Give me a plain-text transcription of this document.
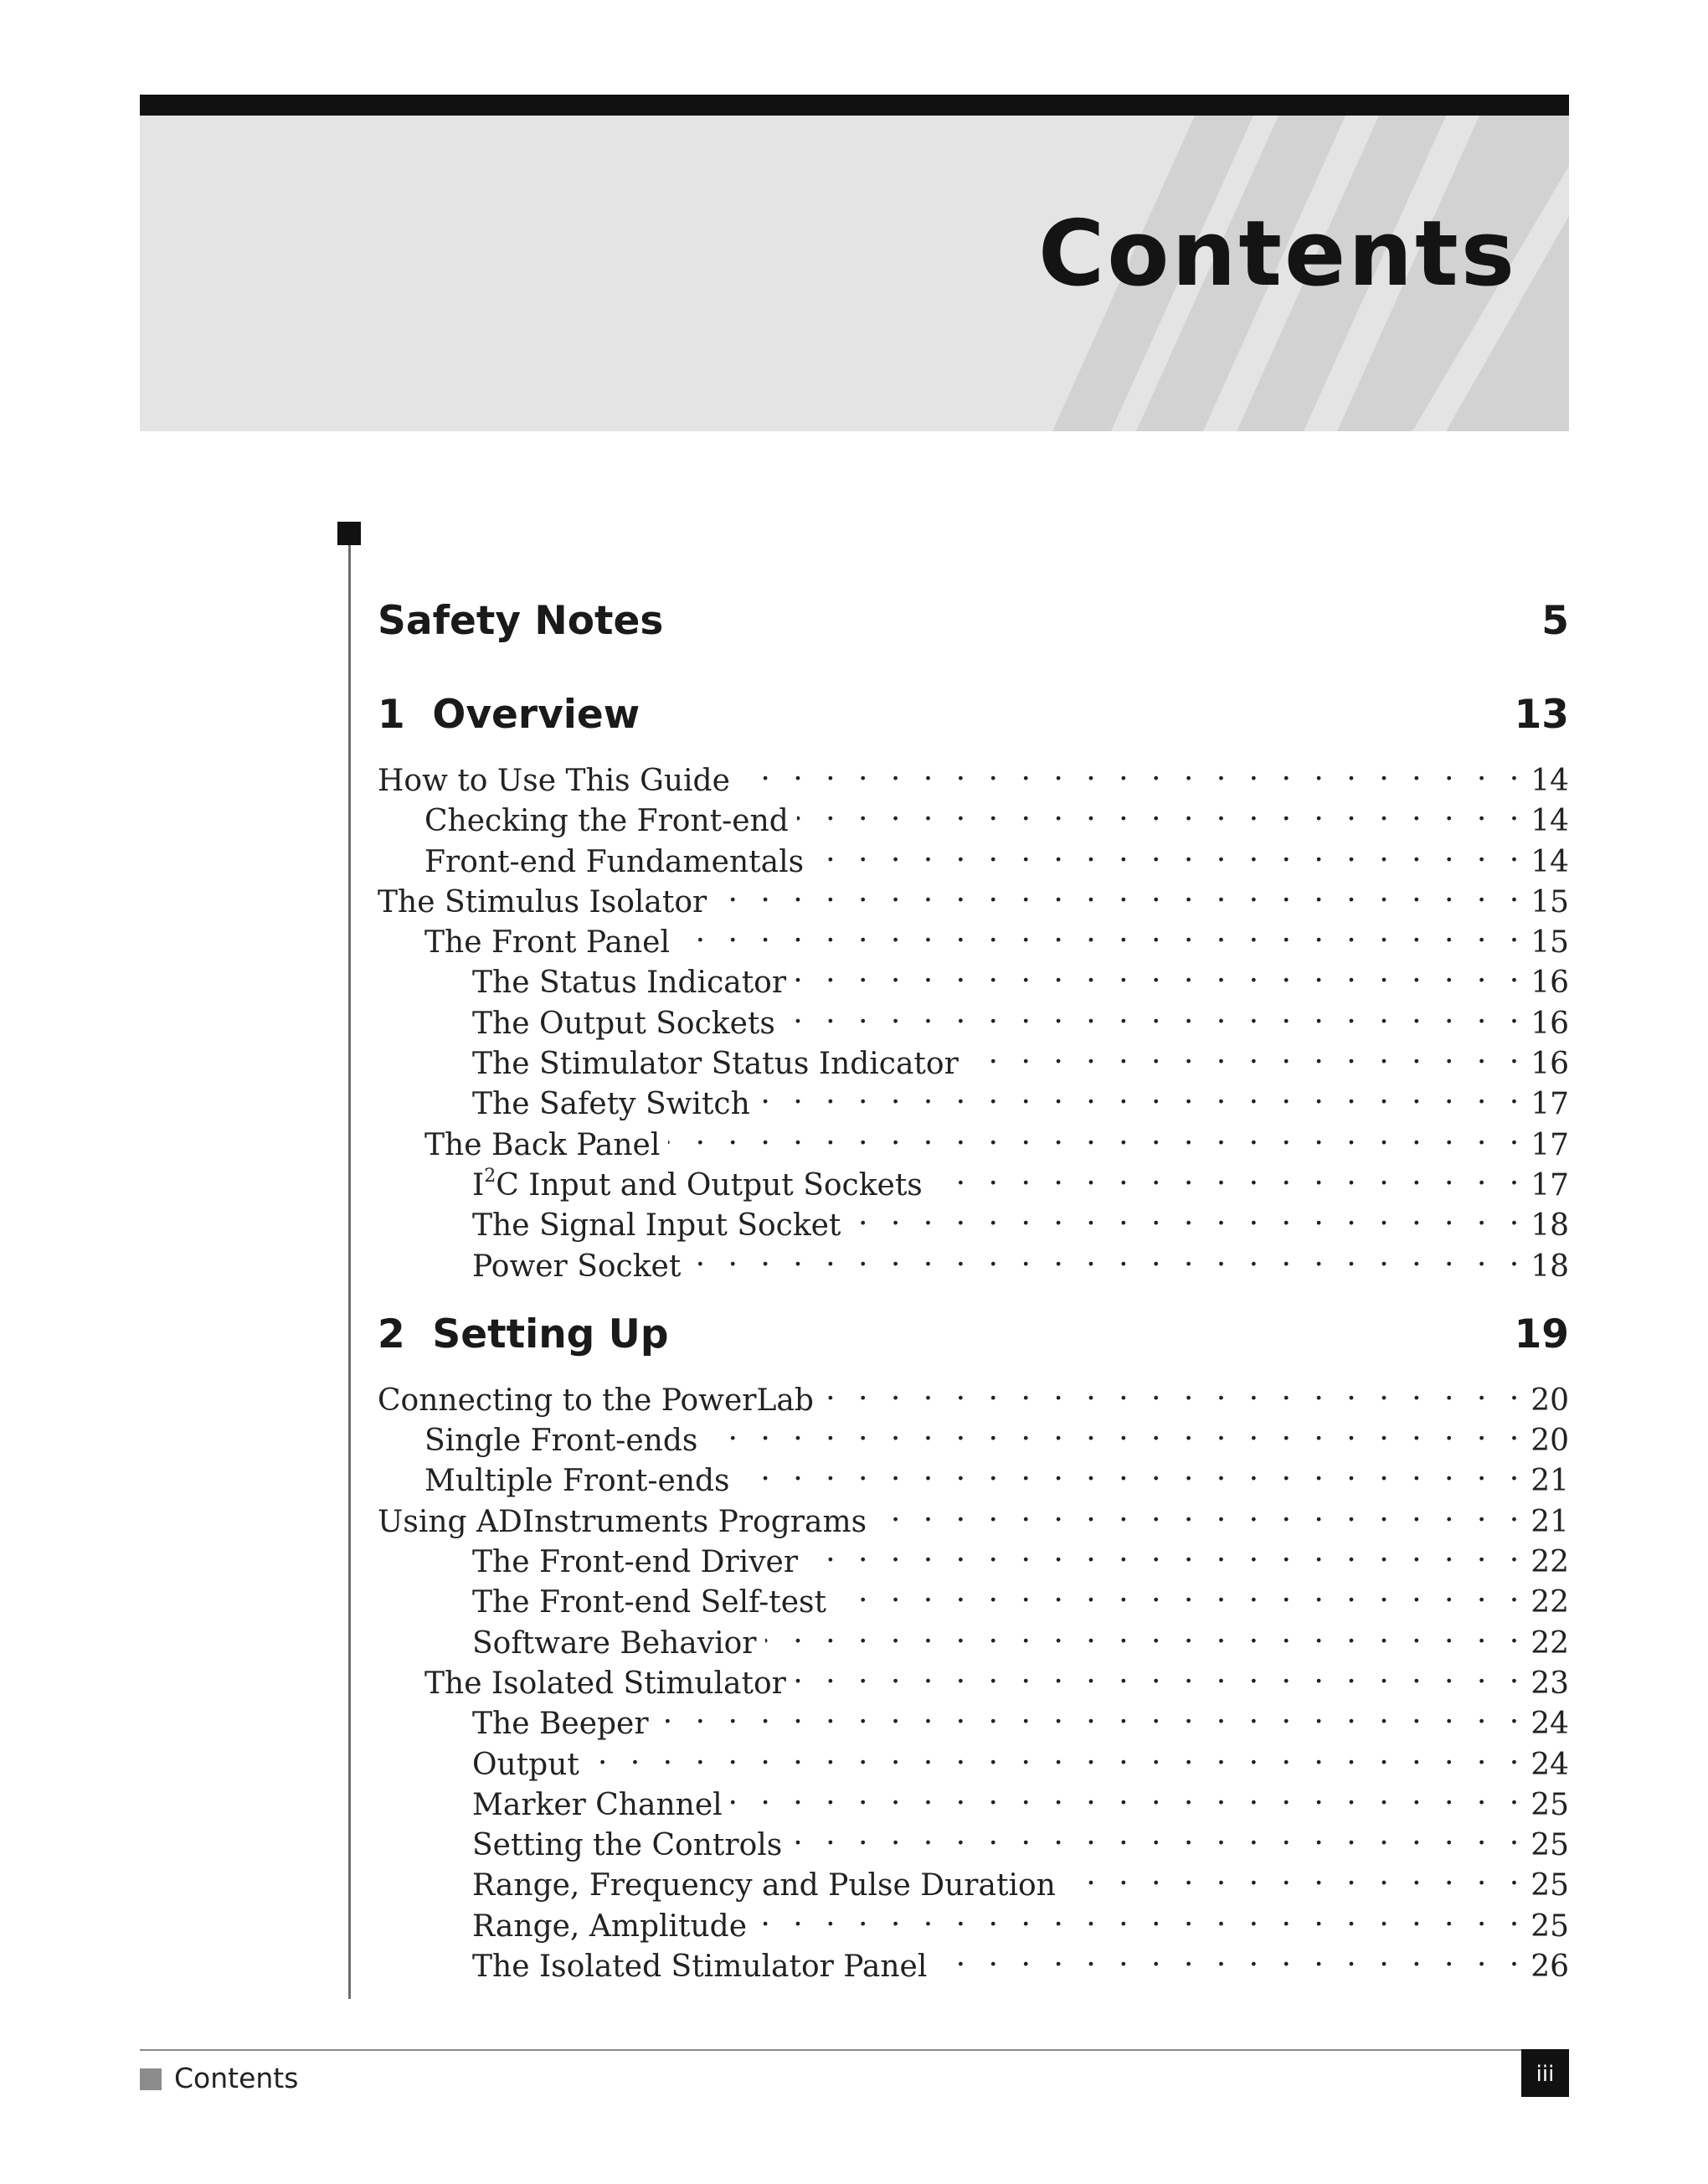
Contents
Safety Notes	5
1  Overview	13
How to Use This Guide . . .	14
Checking the Front-end . . .	14
Front-end Fundamentals . . .	14
The Stimulus Isolator . . .	15
The Front Panel . . .	15
The Status Indicator . . .	16
The Output Sockets . . .	16
The Stimulator Status Indicator . . .	16
The Safety Switch . . .	17
The Back Panel . . .	17
$I^2C$ Input and Output Sockets . . .	17
The Signal Input Socket . . .	18
Power Socket . . .	18
2  Setting Up	19
Connecting to the PowerLab . . .	20
Single Front-ends . . .	20
Multiple Front-ends . . .	21
Using ADInstruments Programs . . .	21
The Front-end Driver . . .	22
The Front-end Self-test . . .	22
Software Behavior . . .	22
The Isolated Stimulator . . .	23
The Beeper . . .	24
Output . . .	24
Marker Channel . . .	25
Setting the Controls . . .	25
Range, Frequency and Pulse Duration . . .	25
Range, Amplitude . . .	25
The Isolated Stimulator Panel . . .	26
Contents	iii
